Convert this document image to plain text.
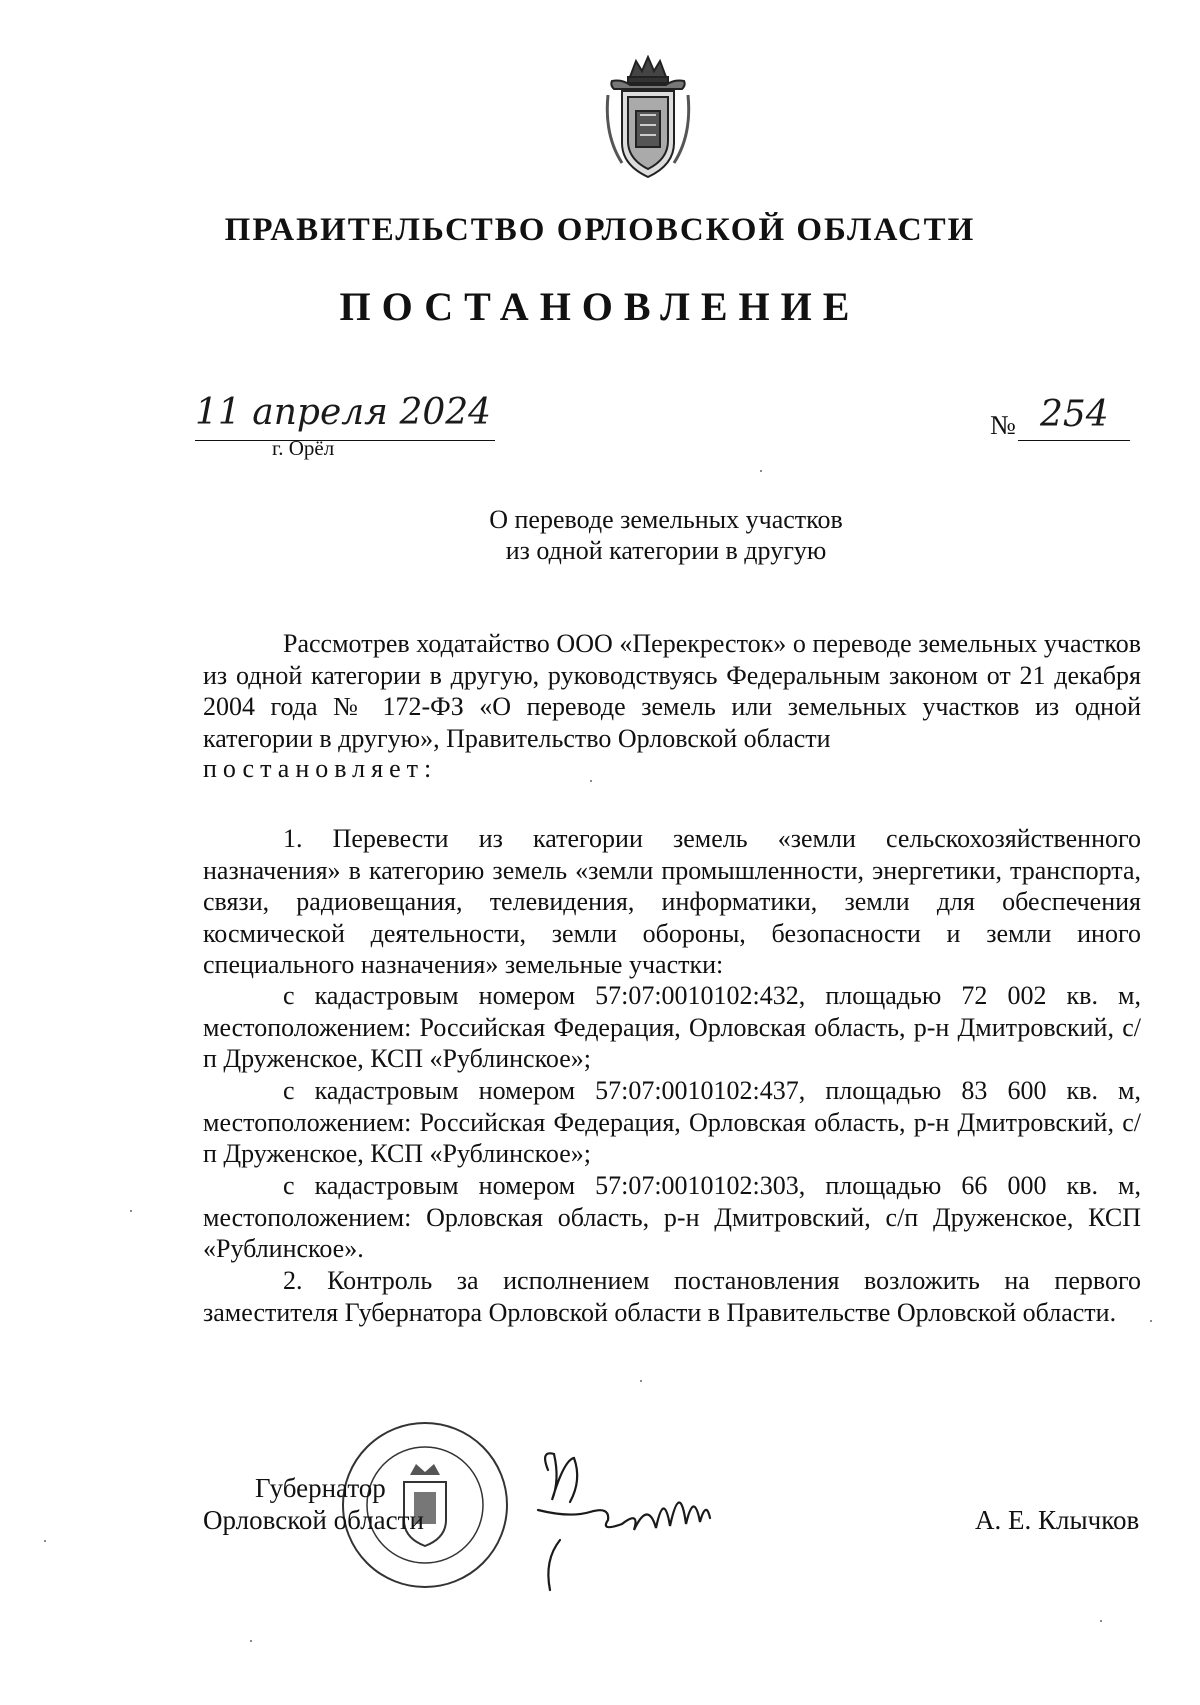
ПРАВИТЕЛЬСТВО ОРЛОВСКОЙ ОБЛАСТИ
ПОСТАНОВЛЕНИЕ
11 апреля 2024
г. Орёл
№ 254
О переводе земельных участков
из одной категории в другую
Рассмотрев ходатайство ООО «Перекресток» о переводе земельных участков из одной категории в другую, руководствуясь Федеральным законом от 21 декабря 2004 года № 172-ФЗ «О переводе земель или земельных участков из одной категории в другую», Правительство Орловской области
постановляет:
1. Перевести из категории земель «земли сельскохозяйственного назначения» в категорию земель «земли промышленности, энергетики, транспорта, связи, радиовещания, телевидения, информатики, земли для обеспечения космической деятельности, земли обороны, безопасности и земли иного специального назначения» земельные участки:
с кадастровым номером 57:07:0010102:432, площадью 72 002 кв. м, местоположением: Российская Федерация, Орловская область, р-н Дмитровский, с/п Друженское, КСП «Рублинское»;
с кадастровым номером 57:07:0010102:437, площадью 83 600 кв. м, местоположением: Российская Федерация, Орловская область, р-н Дмитровский, с/п Друженское, КСП «Рублинское»;
с кадастровым номером 57:07:0010102:303, площадью 66 000 кв. м, местоположением: Орловская область, р-н Дмитровский, с/п Друженское, КСП «Рублинское».
2. Контроль за исполнением постановления возложить на первого заместителя Губернатора Орловской области в Правительстве Орловской области.
Губернатор
Орловской области	А. Е. Клычков
